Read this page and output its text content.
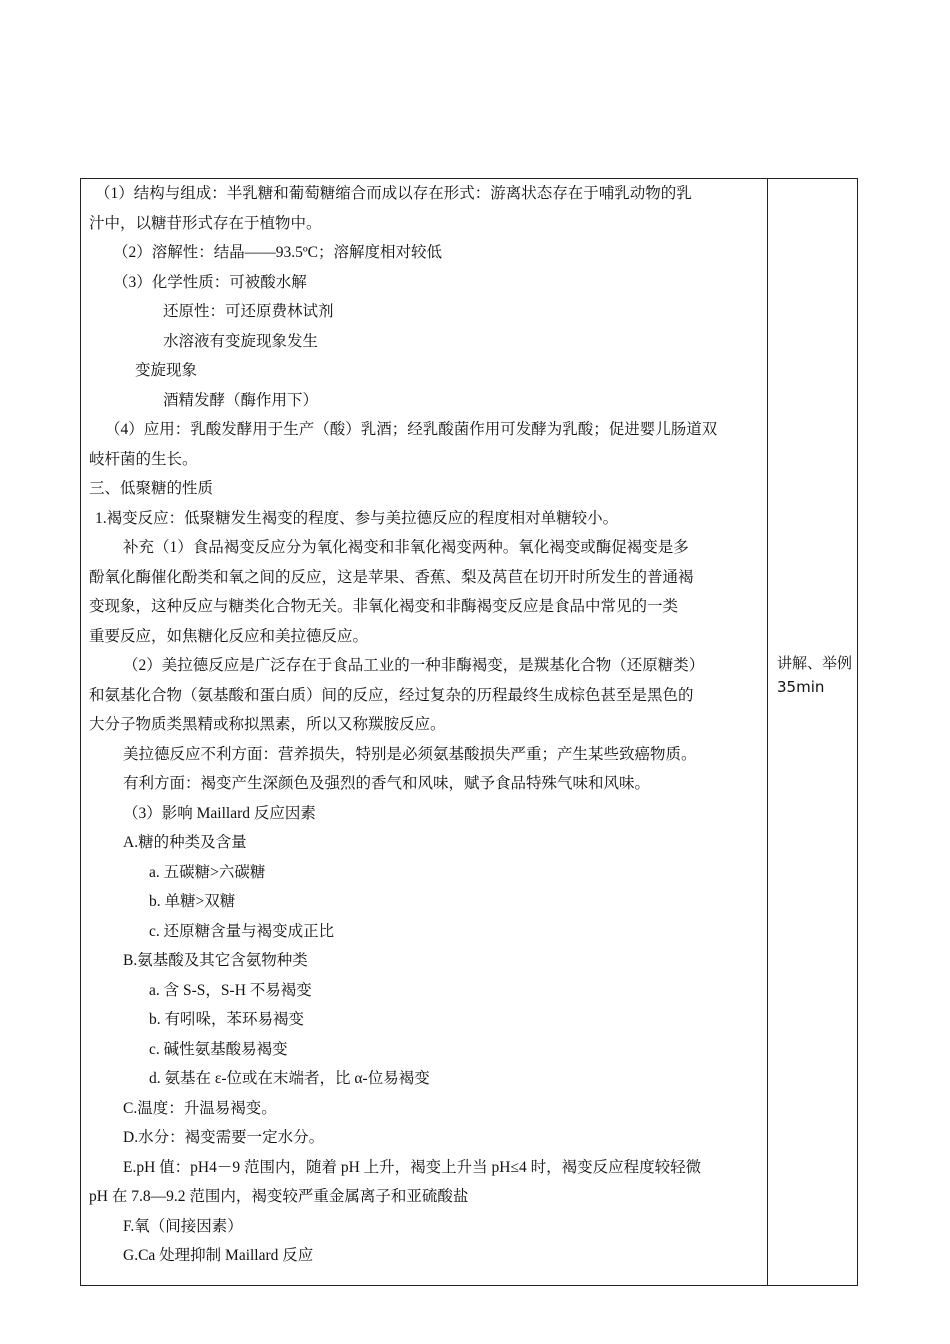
（1）结构与组成：半乳糖和葡萄糖缩合而成以存在形式：游离状态存在于哺乳动物的乳
汁中，以糖苷形式存在于植物中。
（2）溶解性：结晶——93.5ºC；溶解度相对较低
（3）化学性质：可被酸水解
还原性：可还原费林试剂
水溶液有变旋现象发生
变旋现象
酒精发酵（酶作用下）
（4）应用：乳酸发酵用于生产（酸）乳酒；经乳酸菌作用可发酵为乳酸；促进婴儿肠道双
岐杆菌的生长。
三、低聚糖的性质
1.褐变反应：低聚糖发生褐变的程度、参与美拉德反应的程度相对单糖较小。
补充（1）食品褐变反应分为氧化褐变和非氧化褐变两种。氧化褐变或酶促褐变是多
酚氧化酶催化酚类和氧之间的反应，这是苹果、香蕉、梨及莴苣在切开时所发生的普通褐
变现象，这种反应与糖类化合物无关。非氧化褐变和非酶褐变反应是食品中常见的一类
重要反应，如焦糖化反应和美拉德反应。
（2）美拉德反应是广泛存在于食品工业的一种非酶褐变，是羰基化合物（还原糖类）
和氨基化合物（氨基酸和蛋白质）间的反应，经过复杂的历程最终生成棕色甚至是黑色的
大分子物质类黑精或称拟黑素，所以又称羰胺反应。
美拉德反应不利方面：营养损失，特别是必须氨基酸损失严重；产生某些致癌物质。
有利方面：褐变产生深颜色及强烈的香气和风味，赋予食品特殊气味和风味。
（3）影响 Maillard 反应因素
A.糖的种类及含量
a. 五碳糖>六碳糖
b. 单糖>双糖
c. 还原糖含量与褐变成正比
B.氨基酸及其它含氨物种类
a. 含 S-S，S-H 不易褐变
b. 有吲哚，苯环易褐变
c. 碱性氨基酸易褐变
d. 氨基在 ε-位或在末端者，比 α-位易褐变
C.温度：升温易褐变。
D.水分：褐变需要一定水分。
E.pH 值：pH4－9 范围内，随着 pH 上升，褐变上升当 pH≤4 时，褐变反应程度较轻微
pH 在 7.8—9.2 范围内，褐变较严重金属离子和亚硫酸盐
F.氧（间接因素）
G.Ca 处理抑制 Maillard 反应
讲解、举例
35min
